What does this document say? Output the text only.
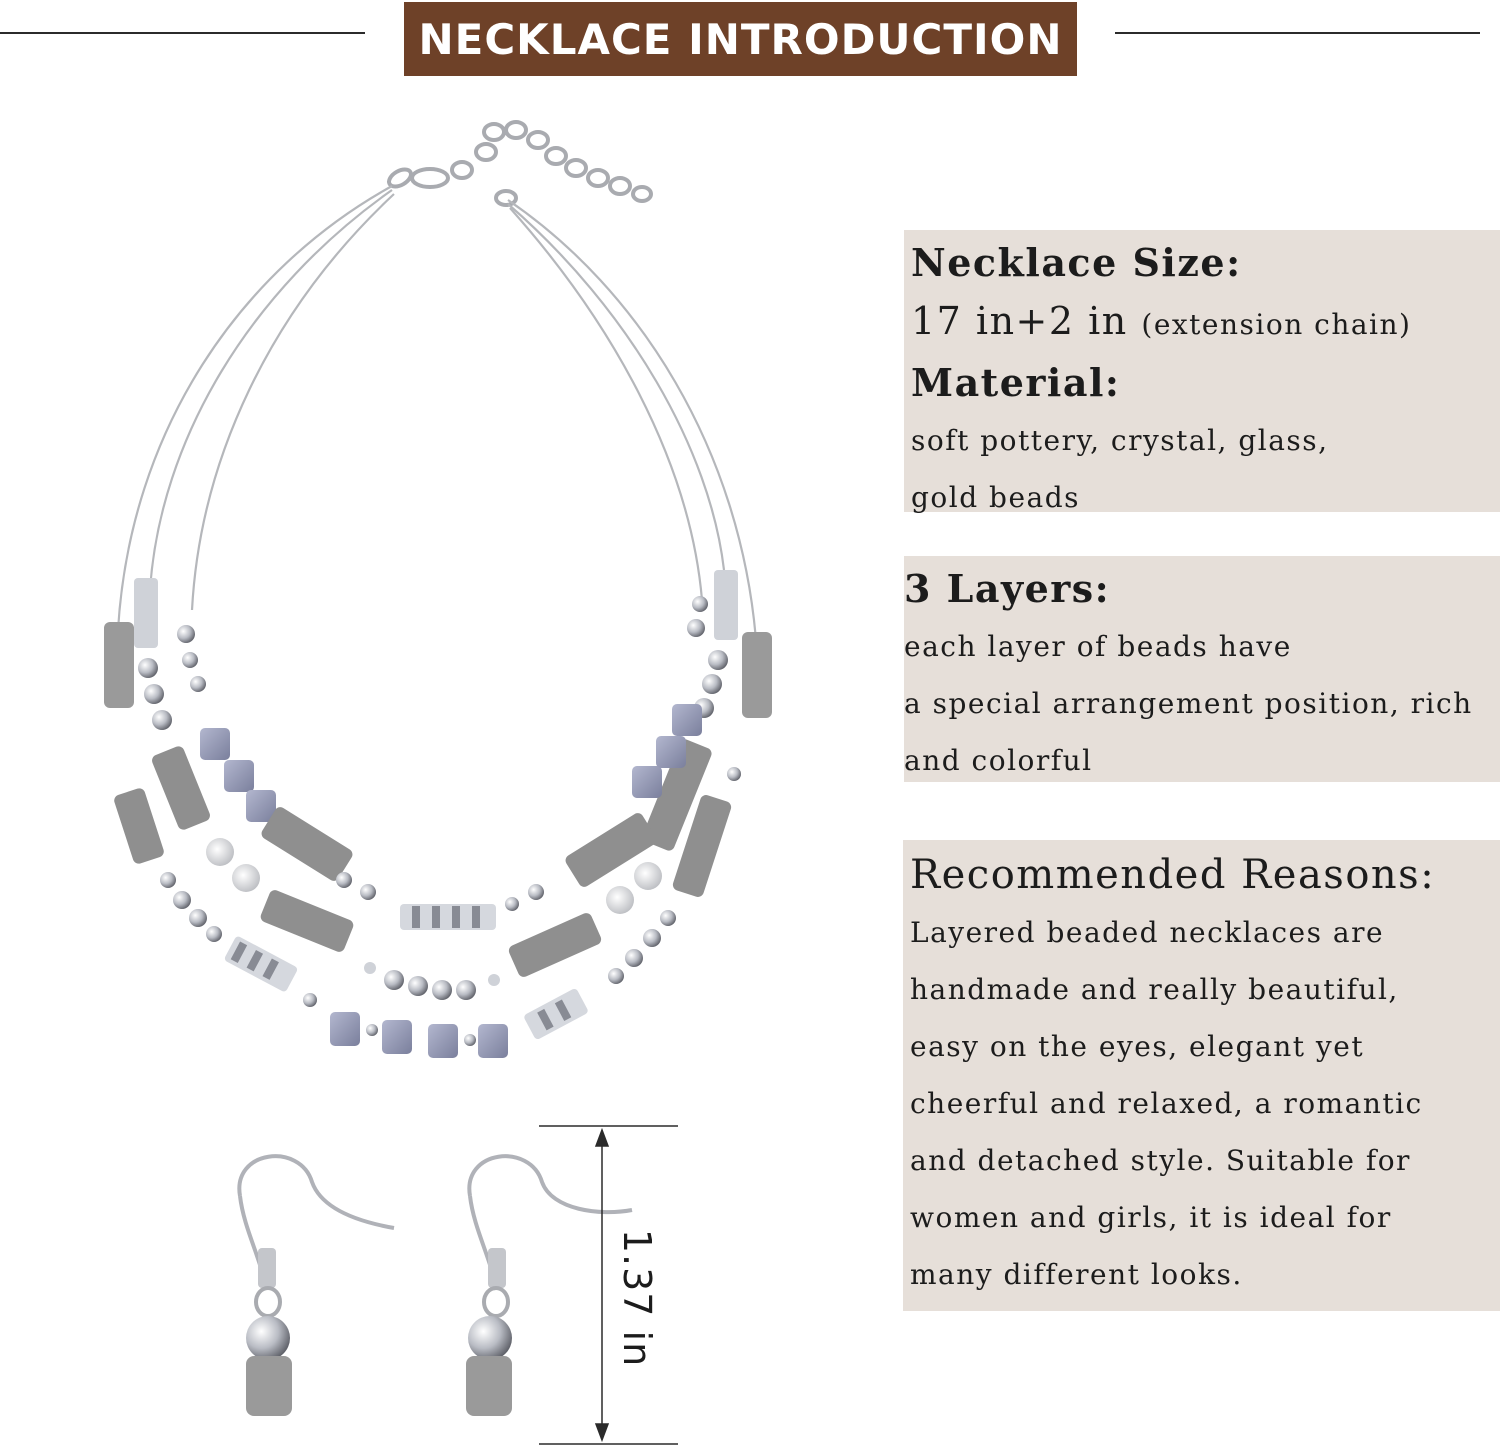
NECKLACE INTRODUCTION
1.37 in
Necklace Size:
17 in+2 in (extension chain)
Material:
soft pottery, crystal, glass,
gold beads
3 Layers:
each layer of beads have
a special arrangement position, rich
and colorful
Recommended Reasons:
Layered beaded necklaces are
handmade and really beautiful,
easy on the eyes, elegant yet
cheerful and relaxed, a romantic
and detached style. Suitable for
women and girls, it is ideal for
many different looks.
